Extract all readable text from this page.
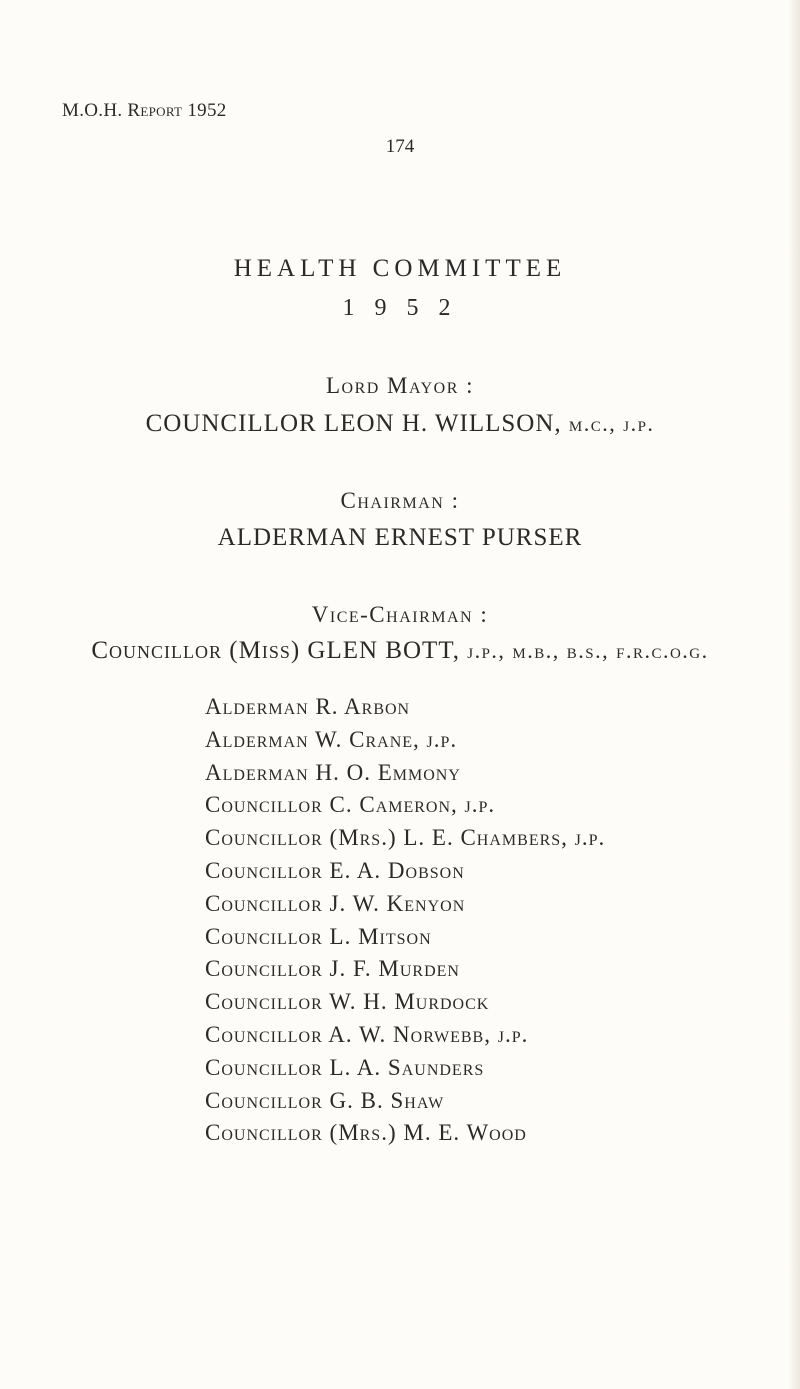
M.O.H. Report 1952
174
HEALTH COMMITTEE
1 9 5 2
Lord Mayor :
COUNCILLOR LEON H. WILLSON, m.c., j.p.
Chairman :
ALDERMAN ERNEST PURSER
Vice-Chairman :
Councillor (Miss) GLEN BOTT, j.p., m.b., b.s., f.r.c.o.g.
Alderman R. Arbon
Alderman W. Crane, j.p.
Alderman H. O. Emmony
Councillor C. Cameron, j.p.
Councillor (Mrs.) L. E. Chambers, j.p.
Councillor E. A. Dobson
Councillor J. W. Kenyon
Councillor L. Mitson
Councillor J. F. Murden
Councillor W. H. Murdock
Councillor A. W. Norwebb, j.p.
Councillor L. A. Saunders
Councillor G. B. Shaw
Councillor (Mrs.) M. E. Wood
